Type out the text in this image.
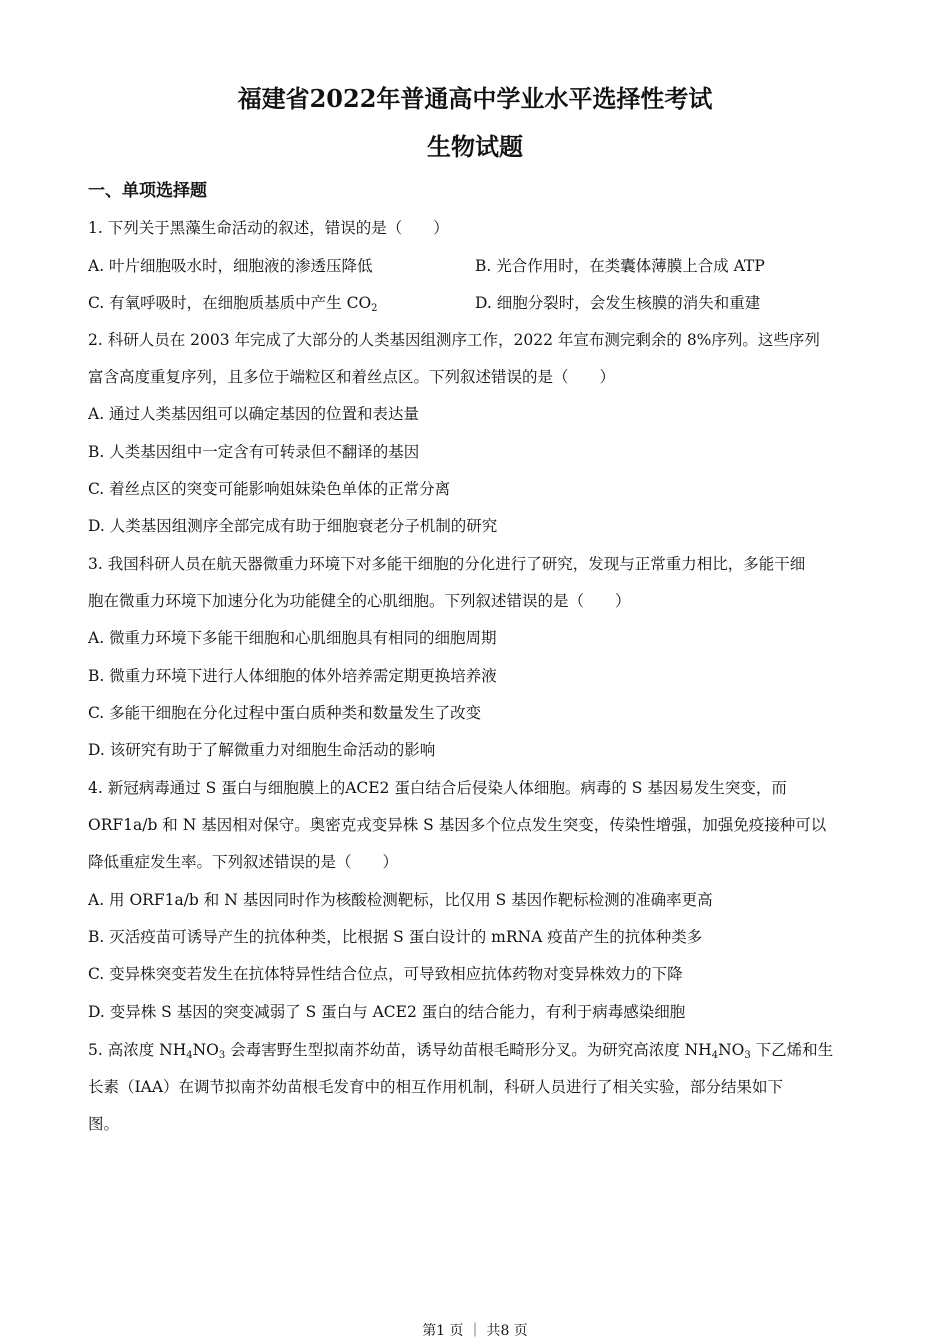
福建省2022年普通高中学业水平选择性考试
生物试题
一、单项选择题
1. 下列关于黑藻生命活动的叙述，错误的是（　　）
A. 叶片细胞吸水时，细胞液的渗透压降低	B. 光合作用时，在类囊体薄膜上合成 ATP
C. 有氧呼吸时，在细胞质基质中产生 $CO_2$	D. 细胞分裂时，会发生核膜的消失和重建
2. 科研人员在 2003 年完成了大部分的人类基因组测序工作，2022 年宣布测完剩余的 8%序列。这些序列
富含高度重复序列，且多位于端粒区和着丝点区。下列叙述错误的是（　　）
A. 通过人类基因组可以确定基因的位置和表达量
B. 人类基因组中一定含有可转录但不翻译的基因
C. 着丝点区的突变可能影响姐妹染色单体的正常分离
D. 人类基因组测序全部完成有助于细胞衰老分子机制的研究
3. 我国科研人员在航天器微重力环境下对多能干细胞的分化进行了研究，发现与正常重力相比，多能干细
胞在微重力环境下加速分化为功能健全的心肌细胞。下列叙述错误的是（　　）
A. 微重力环境下多能干细胞和心肌细胞具有相同的细胞周期
B. 微重力环境下进行人体细胞的体外培养需定期更换培养液
C. 多能干细胞在分化过程中蛋白质种类和数量发生了改变
D. 该研究有助于了解微重力对细胞生命活动的影响
4. 新冠病毒通过 S 蛋白与细胞膜上的ACE2 蛋白结合后侵染人体细胞。病毒的 S 基因易发生突变，而
ORF1a/b 和 N 基因相对保守。奥密克戎变异株 S 基因多个位点发生突变，传染性增强，加强免疫接种可以
降低重症发生率。下列叙述错误的是（　　）
A. 用 ORF1a/b 和 N 基因同时作为核酸检测靶标，比仅用 S 基因作靶标检测的准确率更高
B. 灭活疫苗可诱导产生的抗体种类，比根据 S 蛋白设计的 mRNA 疫苗产生的抗体种类多
C. 变异株突变若发生在抗体特异性结合位点，可导致相应抗体药物对变异株效力的下降
D. 变异株 S 基因的突变减弱了 S 蛋白与 ACE2 蛋白的结合能力，有利于病毒感染细胞
5. 高浓度 $NH_4NO_3$ 会毒害野生型拟南芥幼苗，诱导幼苗根毛畸形分叉。为研究高浓度 $NH_4NO_3$ 下乙烯和生
长素（IAA）在调节拟南芥幼苗根毛发育中的相互作用机制，科研人员进行了相关实验，部分结果如下
图。
第1 页 ｜ 共8 页
